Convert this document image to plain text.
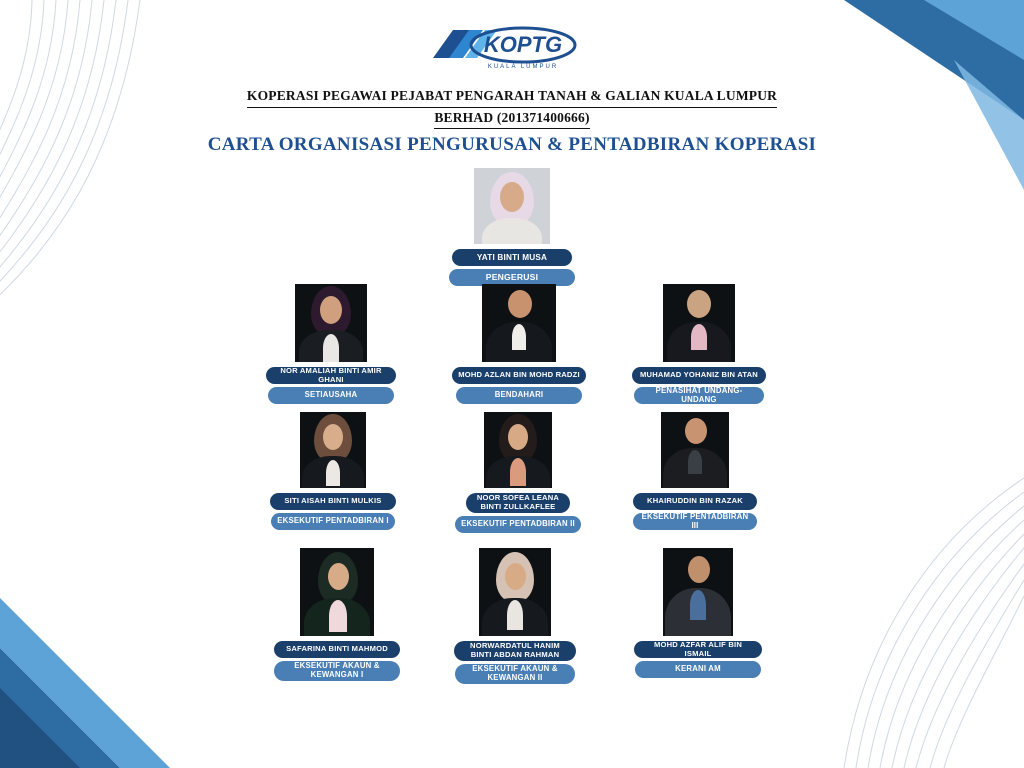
KOPTG
KUALA LUMPUR
KOPERASI PEGAWAI PEJABAT PENGARAH TANAH & GALIAN KUALA LUMPUR
BERHAD (201371400666)
CARTA ORGANISASI PENGURUSAN & PENTADBIRAN KOPERASI
YATI BINTI MUSA
PENGERUSI
NOR AMALIAH BINTI AMIR GHANI
SETIAUSAHA
MOHD AZLAN BIN MOHD RADZI
BENDAHARI
MUHAMAD YOHANIZ BIN ATAN
PENASIHAT UNDANG-UNDANG
SITI AISAH BINTI MULKIS
EKSEKUTIF PENTADBIRAN I
NOOR SOFEA LEANA BINTI ZULLKAFLEE
EKSEKUTIF PENTADBIRAN II
KHAIRUDDIN BIN RAZAK
EKSEKUTIF PENTADBIRAN III
SAFARINA BINTI MAHMOD
EKSEKUTIF AKAUN & KEWANGAN I
NORWARDATUL HANIM BINTI ABDAN RAHMAN
EKSEKUTIF AKAUN & KEWANGAN II
MOHD AZFAR ALIF BIN ISMAIL
KERANI AM
